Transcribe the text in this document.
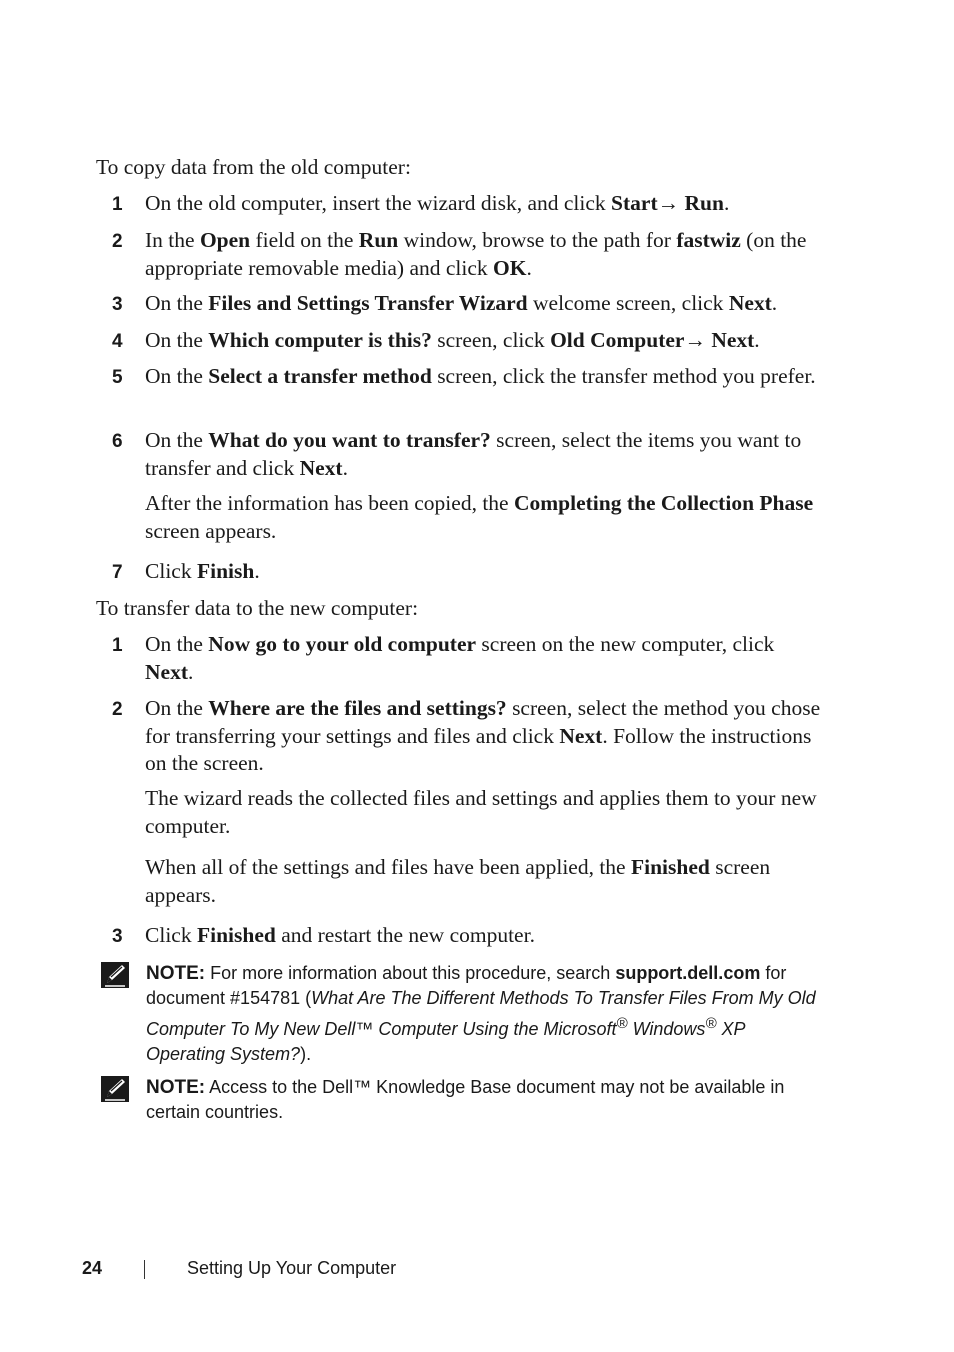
To copy data from the old computer:
1 On the old computer, insert the wizard disk, and click Start→ Run.
2 In the Open field on the Run window, browse to the path for fastwiz (on the appropriate removable media) and click OK.
3 On the Files and Settings Transfer Wizard welcome screen, click Next.
4 On the Which computer is this? screen, click Old Computer→ Next.
5 On the Select a transfer method screen, click the transfer method you prefer.
6 On the What do you want to transfer? screen, select the items you want to transfer and click Next.
After the information has been copied, the Completing the Collection Phase screen appears.
7 Click Finish.
To transfer data to the new computer:
1 On the Now go to your old computer screen on the new computer, click Next.
2 On the Where are the files and settings? screen, select the method you chose for transferring your settings and files and click Next. Follow the instructions on the screen.
The wizard reads the collected files and settings and applies them to your new computer.
When all of the settings and files have been applied, the Finished screen appears.
3 Click Finished and restart the new computer.
NOTE: For more information about this procedure, search support.dell.com for document #154781 (What Are The Different Methods To Transfer Files From My Old Computer To My New Dell™ Computer Using the Microsoft® Windows® XP Operating System?).
NOTE: Access to the Dell™ Knowledge Base document may not be available in certain countries.
24	Setting Up Your Computer
